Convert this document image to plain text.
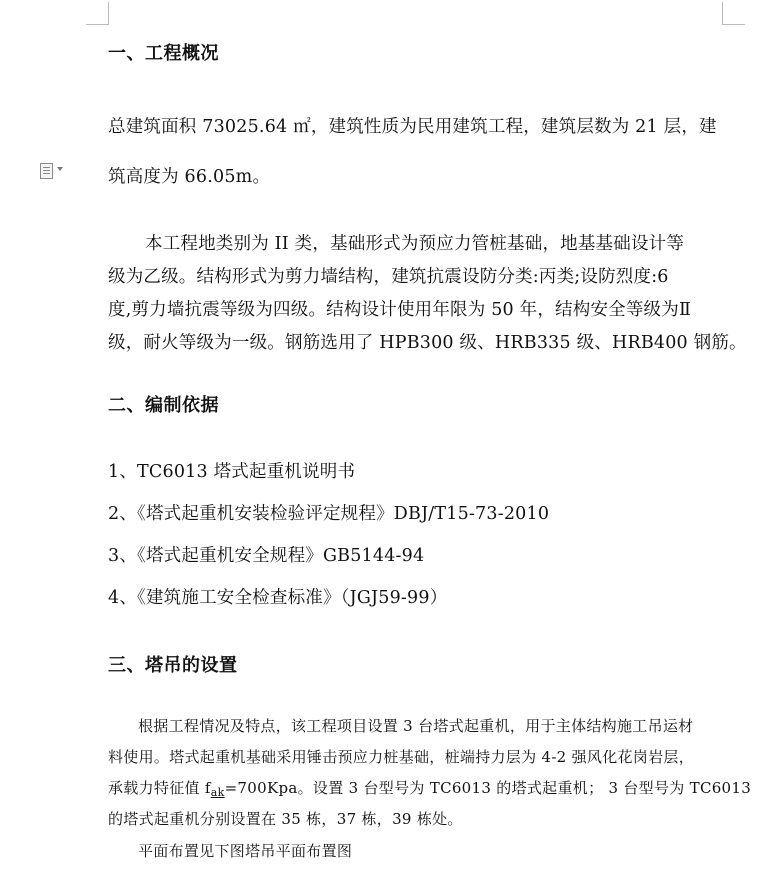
一、工程概况
总建筑面积 73025.64 ㎡，建筑性质为民用建筑工程，建筑层数为 21 层，建
筑高度为 66.05m。
本工程地类别为 II 类，基础形式为预应力管桩基础，地基基础设计等
级为乙级。结构形式为剪力墙结构，建筑抗震设防分类:丙类;设防烈度:6
度,剪力墙抗震等级为四级。结构设计使用年限为 50 年，结构安全等级为Ⅱ
级，耐火等级为一级。钢筋选用了 HPB300 级、HRB335 级、HRB400 钢筋。
二、编制依据
1、TC6013 塔式起重机说明书
2、《塔式起重机安装检验评定规程》DBJ/T15-73-2010
3、《塔式起重机安全规程》GB5144-94
4、《建筑施工安全检查标准》（JGJ59-99）
三、塔吊的设置
根据工程情况及特点，该工程项目设置 3 台塔式起重机，用于主体结构施工吊运材
料使用。塔式起重机基础采用锤击预应力桩基础，桩端持力层为 4-2 强风化花岗岩层，
承载力特征值 $f_{ak}=700Kpa$。设置 3 台型号为 TC6013 的塔式起重机； 3 台型号为 TC6013
的塔式起重机分别设置在 35 栋，37 栋，39 栋处。
平面布置见下图塔吊平面布置图
